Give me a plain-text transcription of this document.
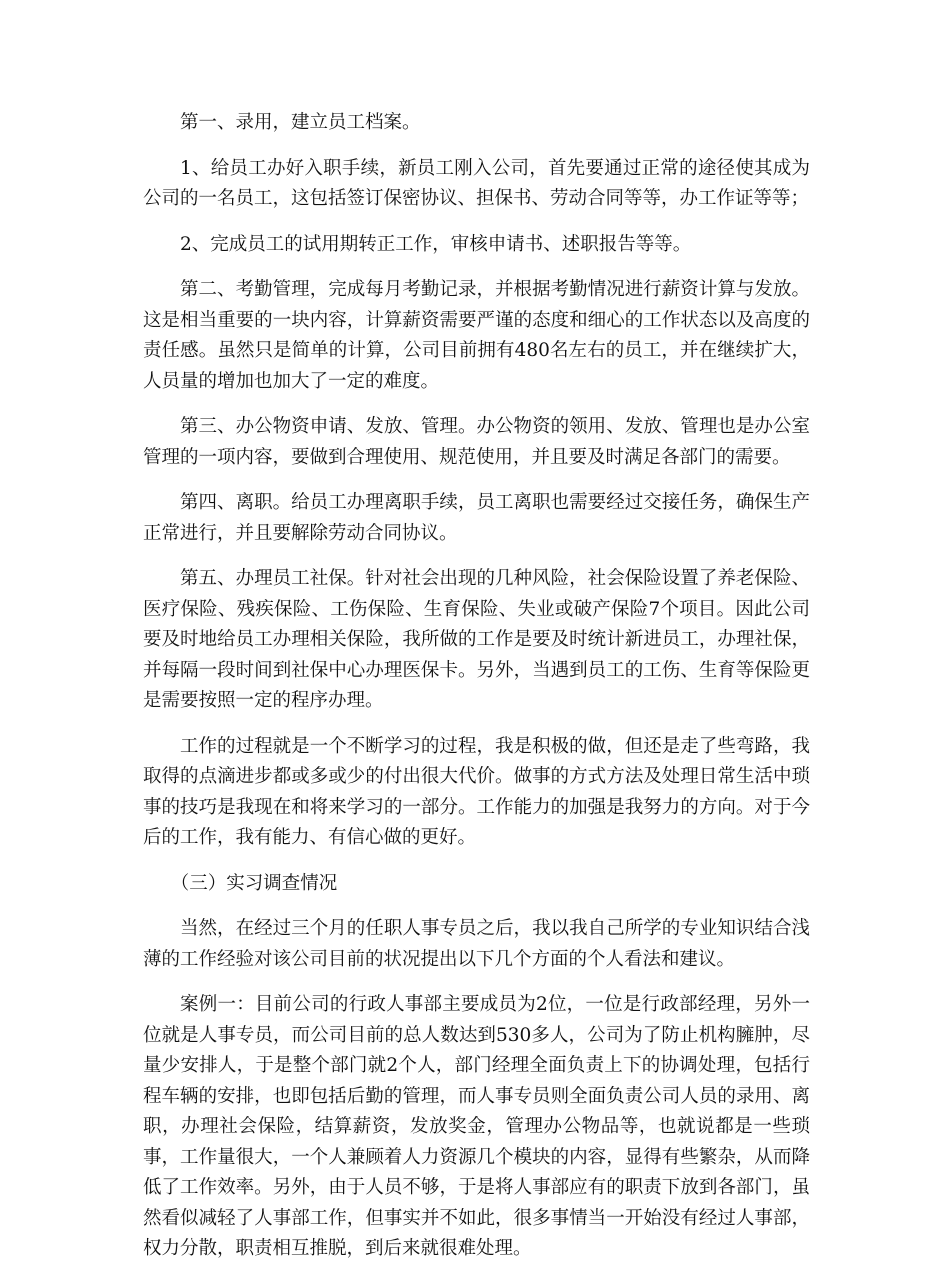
第一、录用，建立员工档案。

1、给员工办好入职手续，新员工刚入公司，首先要通过正常的途径使其成为公司的一名员工，这包括签订保密协议、担保书、劳动合同等等，办工作证等等；

2、完成员工的试用期转正工作，审核申请书、述职报告等等。

第二、考勤管理，完成每月考勤记录，并根据考勤情况进行薪资计算与发放。这是相当重要的一块内容，计算薪资需要严谨的态度和细心的工作状态以及高度的责任感。虽然只是简单的计算，公司目前拥有480名左右的员工，并在继续扩大，人员量的增加也加大了一定的难度。

第三、办公物资申请、发放、管理。办公物资的领用、发放、管理也是办公室管理的一项内容，要做到合理使用、规范使用，并且要及时满足各部门的需要。

第四、离职。给员工办理离职手续，员工离职也需要经过交接任务，确保生产正常进行，并且要解除劳动合同协议。

第五、办理员工社保。针对社会出现的几种风险，社会保险设置了养老保险、医疗保险、残疾保险、工伤保险、生育保险、失业或破产保险7个项目。因此公司要及时地给员工办理相关保险，我所做的工作是要及时统计新进员工，办理社保，并每隔一段时间到社保中心办理医保卡。另外，当遇到员工的工伤、生育等保险更是需要按照一定的程序办理。

工作的过程就是一个不断学习的过程，我是积极的做，但还是走了些弯路，我取得的点滴进步都或多或少的付出很大代价。做事的方式方法及处理日常生活中琐事的技巧是我现在和将来学习的一部分。工作能力的加强是我努力的方向。对于今后的工作，我有能力、有信心做的更好。

（三）实习调查情况

当然，在经过三个月的任职人事专员之后，我以我自己所学的专业知识结合浅薄的工作经验对该公司目前的状况提出以下几个方面的个人看法和建议。

案例一：目前公司的行政人事部主要成员为2位，一位是行政部经理，另外一位就是人事专员，而公司目前的总人数达到530多人，公司为了防止机构臃肿，尽量少安排人，于是整个部门就2个人，部门经理全面负责上下的协调处理，包括行程车辆的安排，也即包括后勤的管理，而人事专员则全面负责公司人员的录用、离职，办理社会保险，结算薪资，发放奖金，管理办公物品等，也就说都是一些琐事，工作量很大，一个人兼顾着人力资源几个模块的内容，显得有些繁杂，从而降低了工作效率。另外，由于人员不够，于是将人事部应有的职责下放到各部门，虽然看似减轻了人事部工作，但事实并不如此，很多事情当一开始没有经过人事部，权力分散，职责相互推脱，到后来就很难处理。
